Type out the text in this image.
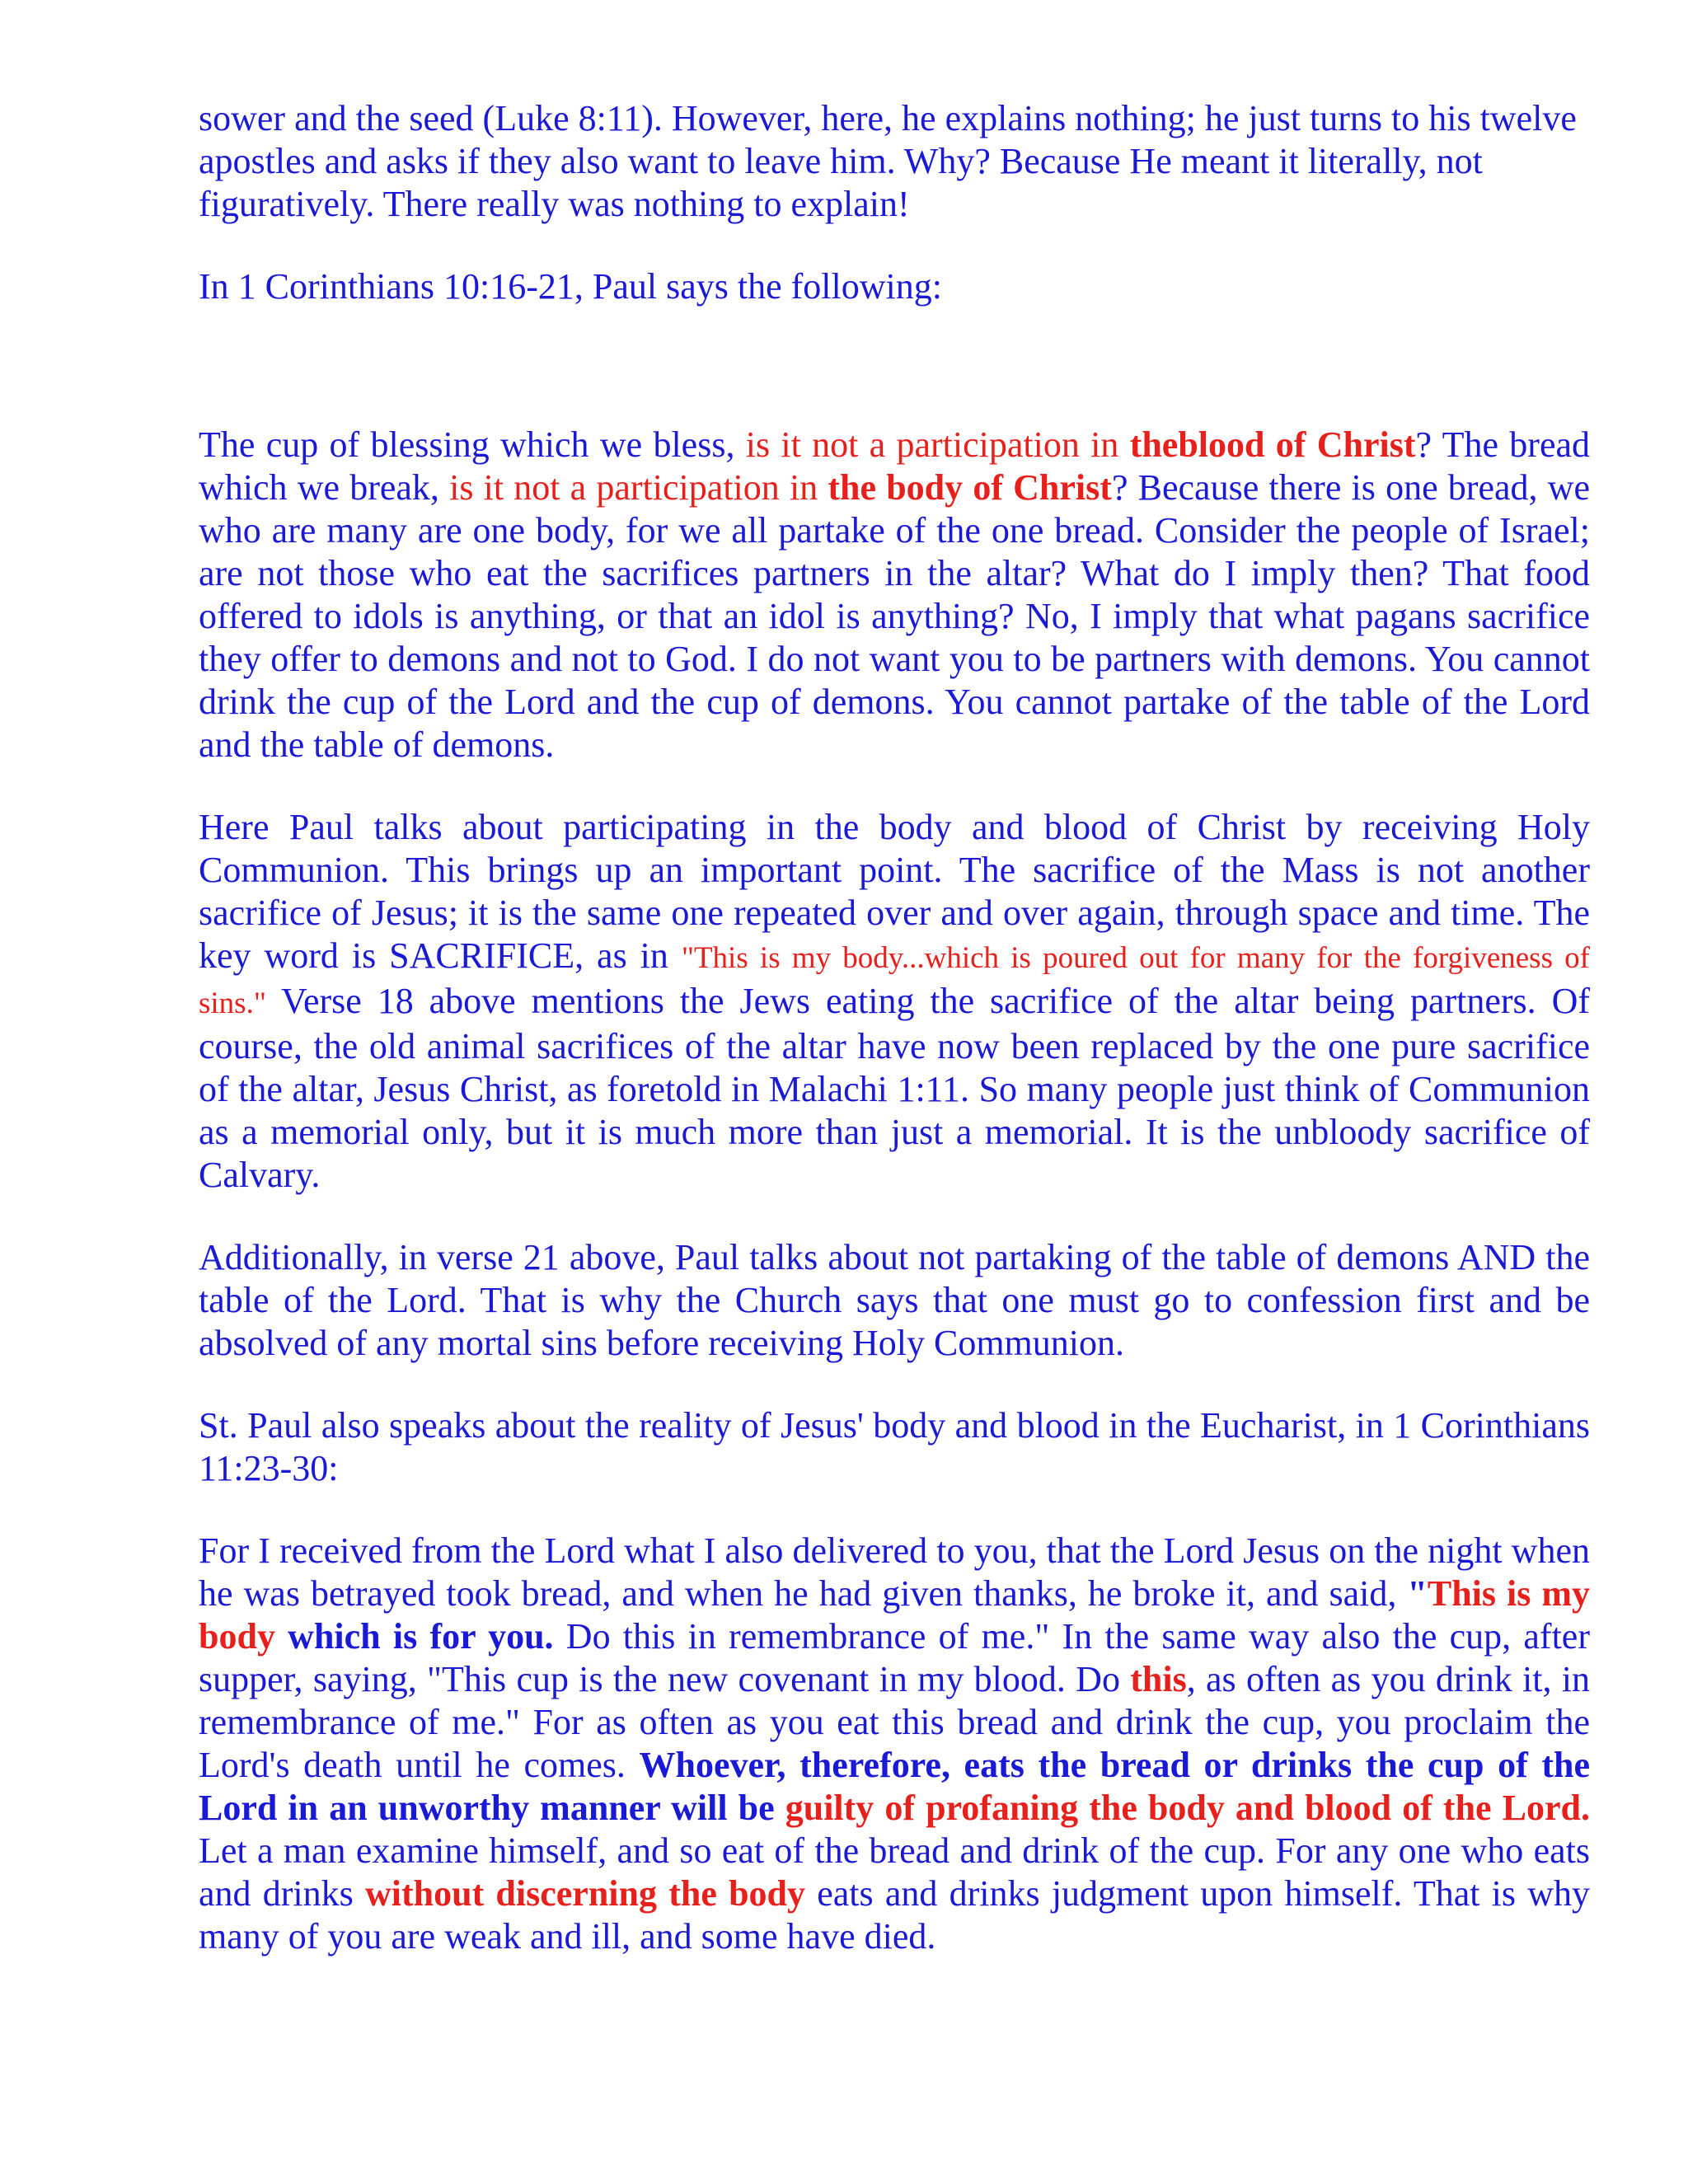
sower and the seed (Luke 8:11). However, here, he explains nothing; he just turns to his twelve apostles and asks if they also want to leave him. Why? Because He meant it literally, not figuratively. There really was nothing to explain!

In 1 Corinthians 10:16-21, Paul says the following:

The cup of blessing which we bless, is it not a participation in theblood of Christ? The bread which we break, is it not a participation in the body of Christ? Because there is one bread, we who are many are one body, for we all partake of the one bread. Consider the people of Israel; are not those who eat the sacrifices partners in the altar? What do I imply then? That food offered to idols is anything, or that an idol is anything? No, I imply that what pagans sacrifice they offer to demons and not to God. I do not want you to be partners with demons. You cannot drink the cup of the Lord and the cup of demons. You cannot partake of the table of the Lord and the table of demons.

Here Paul talks about participating in the body and blood of Christ by receiving Holy Communion. This brings up an important point. The sacrifice of the Mass is not another sacrifice of Jesus; it is the same one repeated over and over again, through space and time. The key word is SACRIFICE, as in "This is my body...which is poured out for many for the forgiveness of sins." Verse 18 above mentions the Jews eating the sacrifice of the altar being partners. Of course, the old animal sacrifices of the altar have now been replaced by the one pure sacrifice of the altar, Jesus Christ, as foretold in Malachi 1:11. So many people just think of Communion as a memorial only, but it is much more than just a memorial. It is the unbloody sacrifice of Calvary.

Additionally, in verse 21 above, Paul talks about not partaking of the table of demons AND the table of the Lord. That is why the Church says that one must go to confession first and be absolved of any mortal sins before receiving Holy Communion.

St. Paul also speaks about the reality of Jesus' body and blood in the Eucharist, in 1 Corinthians 11:23-30:

For I received from the Lord what I also delivered to you, that the Lord Jesus on the night when he was betrayed took bread, and when he had given thanks, he broke it, and said, "This is my body which is for you. Do this in remembrance of me." In the same way also the cup, after supper, saying, "This cup is the new covenant in my blood. Do this, as often as you drink it, in remembrance of me." For as often as you eat this bread and drink the cup, you proclaim the Lord's death until he comes. Whoever, therefore, eats the bread or drinks the cup of the Lord in an unworthy manner will be guilty of profaning the body and blood of the Lord. Let a man examine himself, and so eat of the bread and drink of the cup. For any one who eats and drinks without discerning the body eats and drinks judgment upon himself. That is why many of you are weak and ill, and some have died.
